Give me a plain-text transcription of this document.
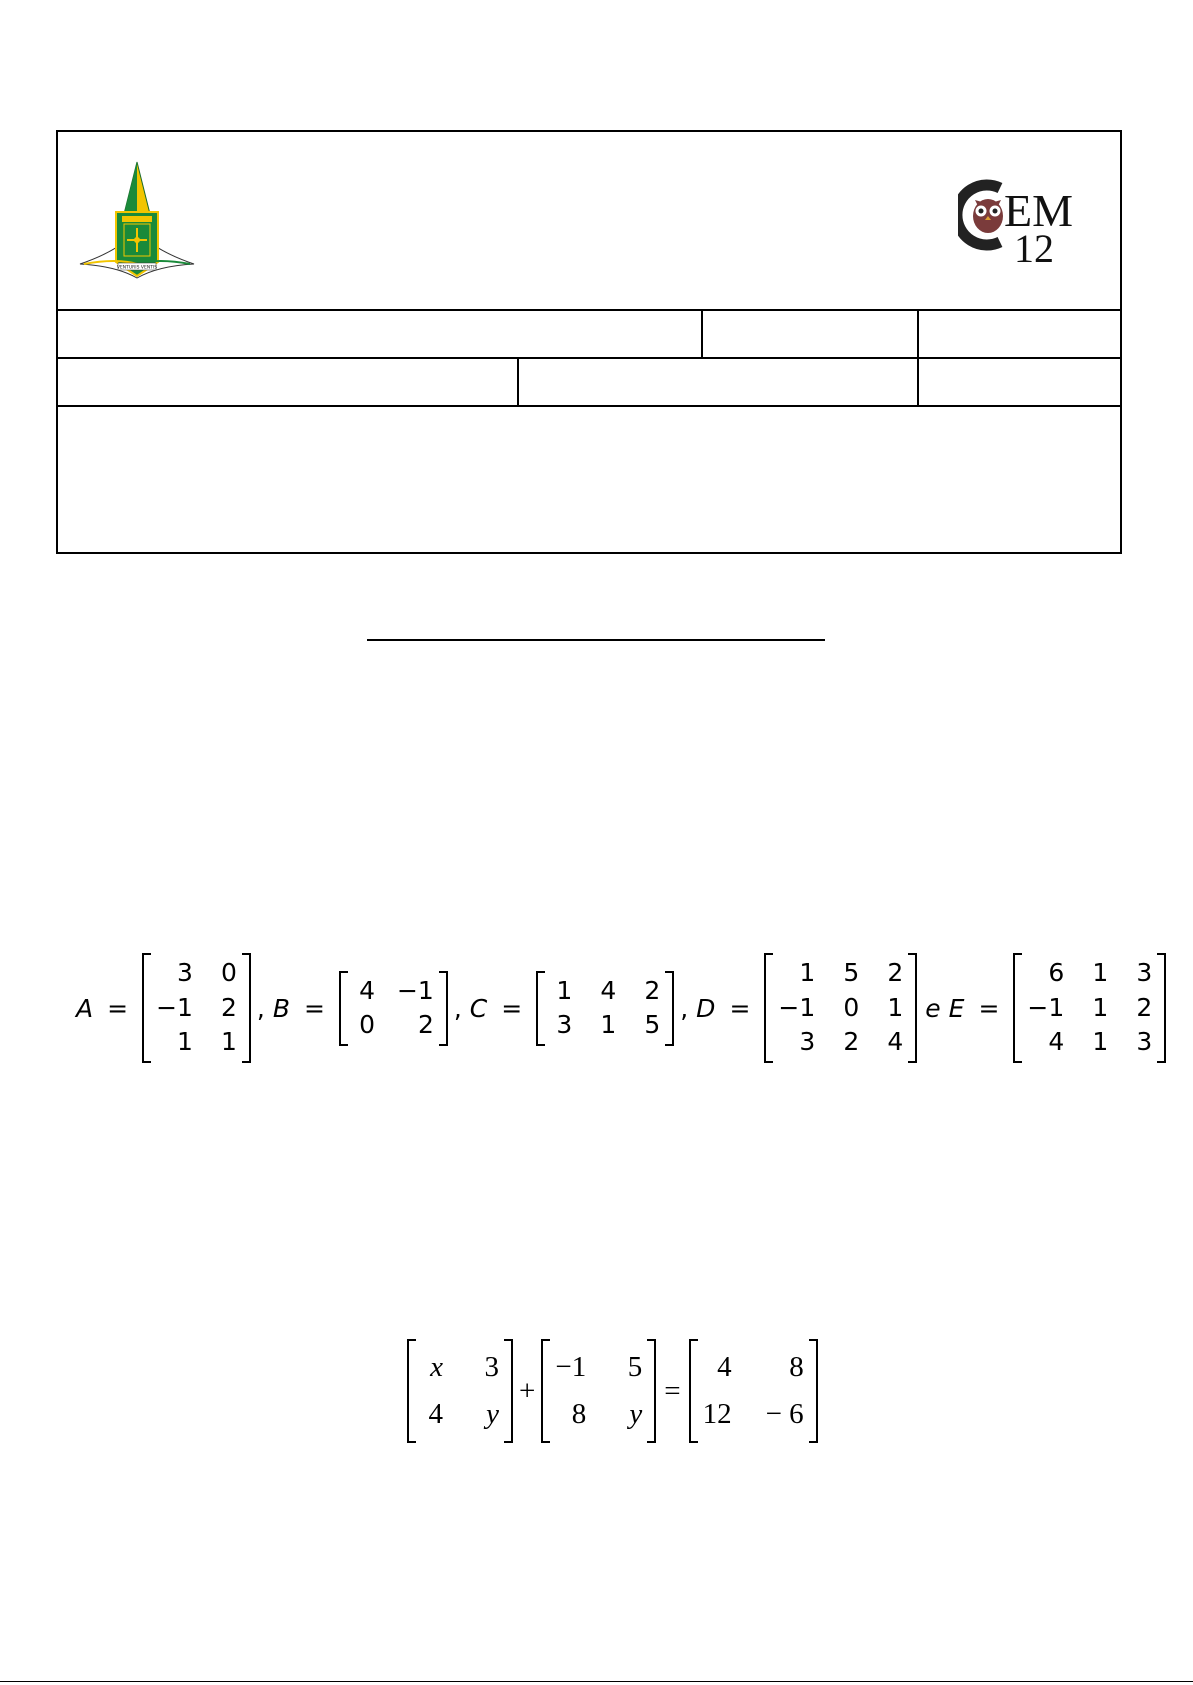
VENTURIS VENTIS
EM
12
A =
3 0
−1 2
1 1
, B =
4 −1
0	2
, C =
1 4 2
3 1 5
, D =
1 5 2
−1 0 1
3 2 4
e E =
6 1 3
−1 1 2
4 1 3
x 3
4	y
+
−1 5
8	y
=
4	8
12 − 6
